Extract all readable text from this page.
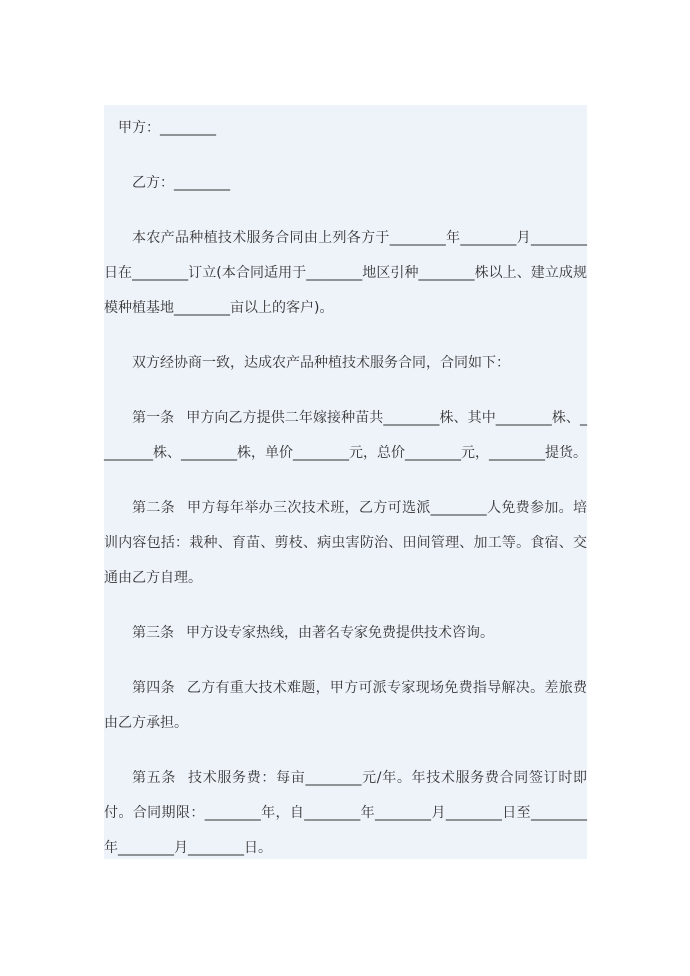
甲方：________

乙方：________

本农产品种植技术服务合同由上列各方于________年________月________日在________订立(本合同适用于________地区引种________株以上、建立成规模种植基地________亩以上的客户)。

双方经协商一致，达成农产品种植技术服务合同，合同如下：

第一条 甲方向乙方提供二年嫁接种苗共________株、其中________株、________株、________株，单价________元，总价________元，________提货。

第二条 甲方每年举办三次技术班，乙方可选派________人免费参加。培训内容包括：栽种、育苗、剪枝、病虫害防治、田间管理、加工等。食宿、交通由乙方自理。

第三条 甲方设专家热线，由著名专家免费提供技术咨询。

第四条 乙方有重大技术难题，甲方可派专家现场免费指导解决。差旅费由乙方承担。

第五条 技术服务费：每亩________元/年。年技术服务费合同签订时即付。合同期限：________年，自________年________月________日至________年________月________日。
